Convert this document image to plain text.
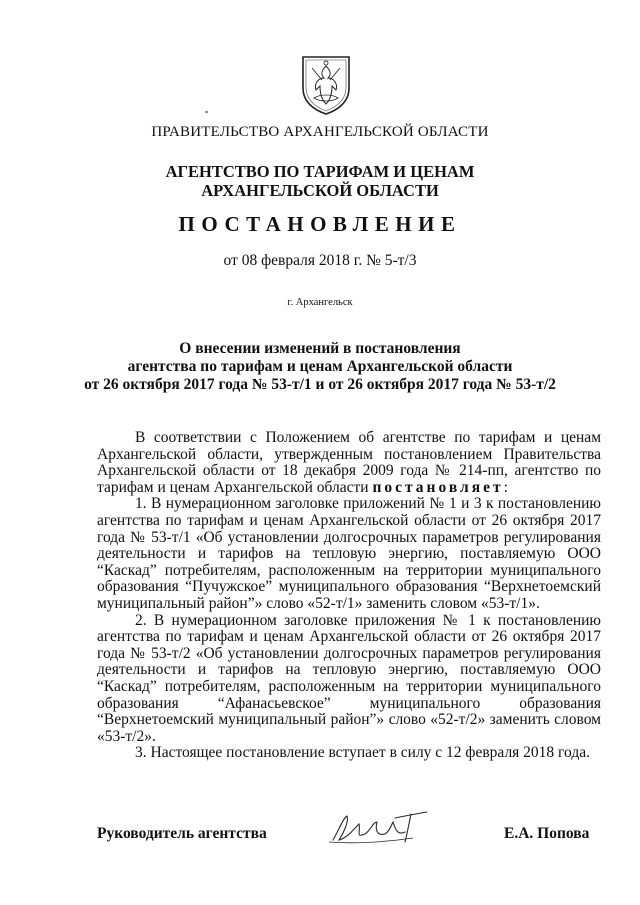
ПРАВИТЕЛЬСТВО АРХАНГЕЛЬСКОЙ ОБЛАСТИ
АГЕНТСТВО ПО ТАРИФАМ И ЦЕНАМ
АРХАНГЕЛЬСКОЙ ОБЛАСТИ
ПОСТАНОВЛЕНИЕ
от 08 февраля 2018 г. № 5-т/3
г. Архангельск
О внесении изменений в постановления
агентства по тарифам и ценам Архангельской области
от 26 октября 2017 года № 53-т/1 и от 26 октября 2017 года № 53-т/2

В соответствии с Положением об агентстве по тарифам и ценам Архангельской области, утвержденным постановлением Правительства Архангельской области от 18 декабря 2009 года № 214-пп, агентство по тарифам и ценам Архангельской области постановляет:

1. В нумерационном заголовке приложений № 1 и 3 к постановлению агентства по тарифам и ценам Архангельской области от 26 октября 2017 года № 53-т/1 «Об установлении долгосрочных параметров регулирования деятельности и тарифов на тепловую энергию, поставляемую ООО “Каскад” потребителям, расположенным на территории муниципального образования “Пучужское” муниципального образования “Верхнетоемский муниципальный район”» слово «52-т/1» заменить словом «53-т/1».

2. В нумерационном заголовке приложения № 1 к постановлению агентства по тарифам и ценам Архангельской области от 26 октября 2017 года № 53-т/2 «Об установлении долгосрочных параметров регулирования деятельности и тарифов на тепловую энергию, поставляемую ООО “Каскад” потребителям, расположенным на территории муниципального образования “Афанасьевское” муниципального образования “Верхнетоемский муниципальный район”» слово «52-т/2» заменить словом «53-т/2».

3. Настоящее постановление вступает в силу с 12 февраля 2018 года.

Руководитель агентства	Е.А. Попова
